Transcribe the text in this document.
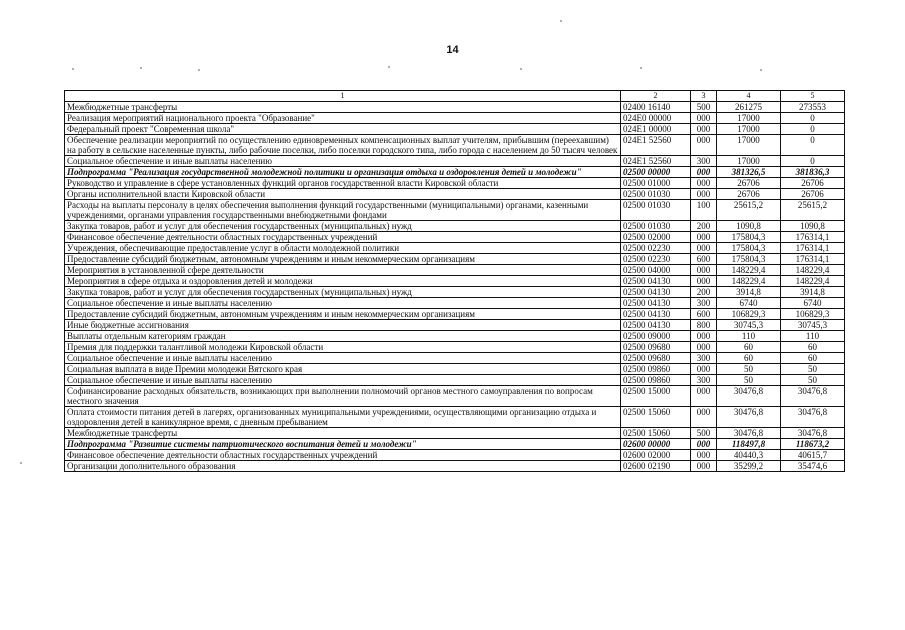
14
1	2	3	4	5
Межбюджетные трансферты	02400 16140	500	261275	273553
Реализация мероприятий национального проекта "Образование"	024E0 00000	000	17000	0
Федеральный проект "Современная школа"	024E1 00000	000	17000	0
Обеспечение реализации мероприятий по осуществлению единовременных компенсационных выплат учителям, прибывшим (переехавшим) на работу в сельские населенные пункты, либо рабочие поселки, либо поселки городского типа, либо города с населением до 50 тысяч человек	024E1 52560	000	17000	0
Социальное обеспечение и иные выплаты населению	024E1 52560	300	17000	0
Подпрограмма "Реализация государственной молодежной политики и организация отдыха и оздоровления детей и молодежи"	02500 00000	000	381326,5	381836,3
Руководство и управление в сфере установленных функций органов государственной власти Кировской области	02500 01000	000	26706	26706
Органы исполнительной власти Кировской области	02500 01030	000	26706	26706
Расходы на выплаты персоналу в целях обеспечения выполнения функций государственными (муниципальными) органами, казенными учреждениями, органами управления государственными внебюджетными фондами	02500 01030	100	25615,2	25615,2
Закупка товаров, работ и услуг для обеспечения государственных (муниципальных) нужд	02500 01030	200	1090,8	1090,8
Финансовое обеспечение деятельности областных государственных учреждений	02500 02000	000	175804,3	176314,1
Учреждения, обеспечивающие предоставление услуг в области молодежной политики	02500 02230	000	175804,3	176314,1
Предоставление субсидий бюджетным, автономным учреждениям и иным некоммерческим организациям	02500 02230	600	175804,3	176314,1
Мероприятия в установленной сфере деятельности	02500 04000	000	148229,4	148229,4
Мероприятия в сфере отдыха и оздоровления детей и молодежи	02500 04130	000	148229,4	148229,4
Закупка товаров, работ и услуг для обеспечения государственных (муниципальных) нужд	02500 04130	200	3914,8	3914,8
Социальное обеспечение и иные выплаты населению	02500 04130	300	6740	6740
Предоставление субсидий бюджетным, автономным учреждениям и иным некоммерческим организациям	02500 04130	600	106829,3	106829,3
Иные бюджетные ассигнования	02500 04130	800	30745,3	30745,3
Выплаты отдельным категориям граждан	02500 09000	000	110	110
Премия для поддержки талантливой молодежи Кировской области	02500 09680	000	60	60
Социальное обеспечение и иные выплаты населению	02500 09680	300	60	60
Социальная выплата в виде Премии молодежи Вятского края	02500 09860	000	50	50
Социальное обеспечение и иные выплаты населению	02500 09860	300	50	50
Софинансирование расходных обязательств, возникающих при выполнении полномочий органов местного самоуправления по вопросам местного значения	02500 15000	000	30476,8	30476,8
Оплата стоимости питания детей в лагерях, организованных муниципальными учреждениями, осуществляющими организацию отдыха и оздоровления детей в каникулярное время, с дневным пребыванием	02500 15060	000	30476,8	30476,8
Межбюджетные трансферты	02500 15060	500	30476,8	30476,8
Подпрограмма "Развитие системы патриотического воспитания детей и молодежи"	02600 00000	000	118497,8	118673,2
Финансовое обеспечение деятельности областных государственных учреждений	02600 02000	000	40440,3	40615,7
Организации дополнительного образования	02600 02190	000	35299,2	35474,6
